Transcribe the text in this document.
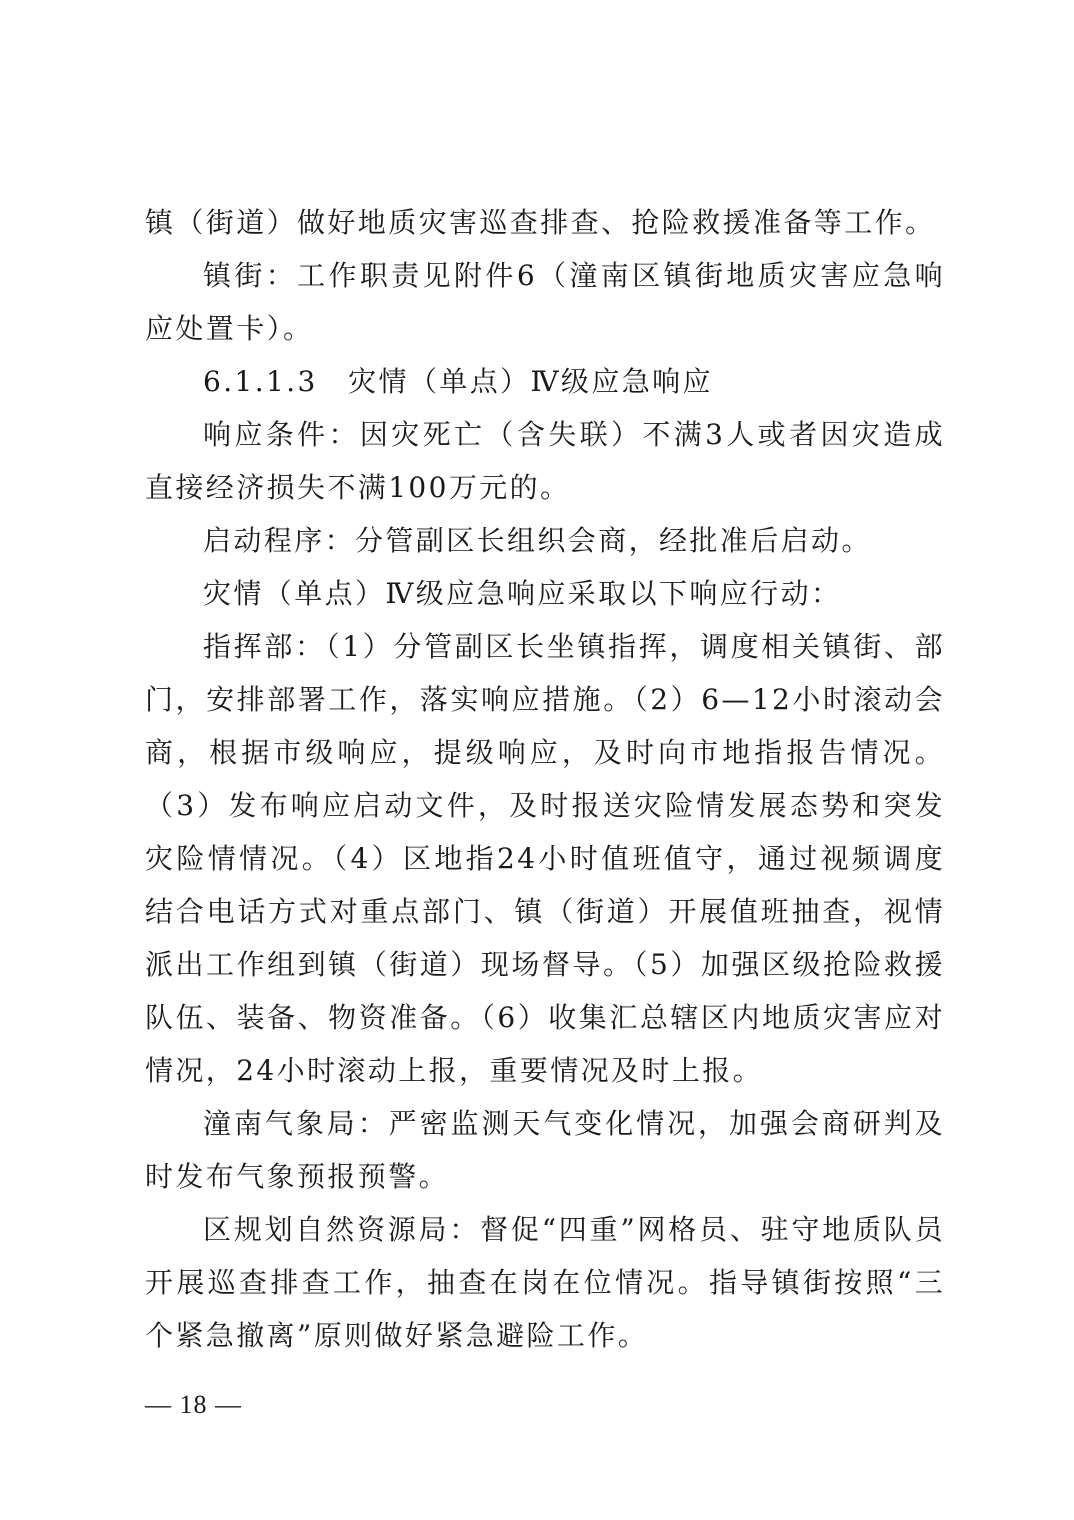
镇（街道）做好地质灾害巡查排查、抢险救援准备等工作。

镇街：工作职责见附件6（潼南区镇街地质灾害应急响应处置卡）。

6.1.1.3　灾情（单点）Ⅳ级应急响应

响应条件：因灾死亡（含失联）不满3人或者因灾造成直接经济损失不满100万元的。

启动程序：分管副区长组织会商，经批准后启动。

灾情（单点）Ⅳ级应急响应采取以下响应行动：

指挥部：（1）分管副区长坐镇指挥，调度相关镇街、部门，安排部署工作，落实响应措施。（2）6—12小时滚动会商，根据市级响应，提级响应，及时向市地指报告情况。（3）发布响应启动文件，及时报送灾险情发展态势和突发灾险情情况。（4）区地指24小时值班值守，通过视频调度结合电话方式对重点部门、镇（街道）开展值班抽查，视情派出工作组到镇（街道）现场督导。（5）加强区级抢险救援队伍、装备、物资准备。（6）收集汇总辖区内地质灾害应对情况，24小时滚动上报，重要情况及时上报。

潼南气象局：严密监测天气变化情况，加强会商研判及时发布气象预报预警。

区规划自然资源局：督促“四重”网格员、驻守地质队员开展巡查排查工作，抽查在岗在位情况。指导镇街按照“三个紧急撤离”原则做好紧急避险工作。

— 18 —
